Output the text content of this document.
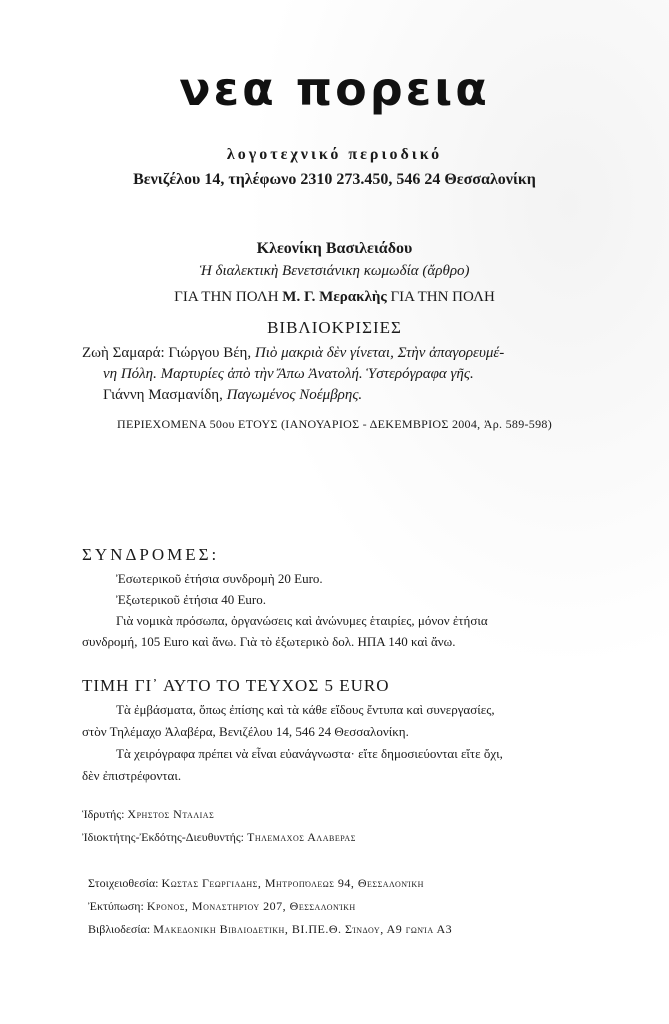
νεα πορεια
λογοτεχνικό περιοδικό
Βενιζέλου 14, τηλέφωνο 2310 273.450, 546 24 Θεσσαλονίκη
Κλεονίκη Βασιλειάδου
Ἡ διαλεκτικὴ Βενετσιάνικη κωμωδία (ἄρθρο)
ΓΙΑ ΤΗΝ ΠΟΛΗ Μ. Γ. Μερακλὴς ΓΙΑ ΤΗΝ ΠΟΛΗ
ΒΙΒΛΙΟΚΡΙΣΙΕΣ
Ζωὴ Σαμαρά: Γιώργου Βέη, Πιὸ μακριὰ δὲν γίνεται, Στὴν ἀπαγορευμέ-
νη Πόλη. Μαρτυρίες ἀπὸ τὴν Ἄπω Ἀνατολή. Ὑστερόγραφα γῆς.
Γιάννη Μασμανίδη, Παγωμένος Νοέμβρης.
ΠΕΡΙΕΧΟΜΕΝΑ 50ου ΕΤΟΥΣ (ΙΑΝΟΥΑΡΙΟΣ - ΔΕΚΕΜΒΡΙΟΣ 2004, Ἀρ. 589-598)
ΣΥΝΔΡΟΜΕΣ:
Ἐσωτερικοῦ ἐτήσια συνδρομὴ 20 Euro.
Ἐξωτερικοῦ ἐτήσια 40 Euro.
Γιὰ νομικὰ πρόσωπα, ὀργανώσεις καὶ ἀνώνυμες ἑταιρίες, μόνον ἐτήσια
συνδρομή, 105 Euro καὶ ἄνω. Γιὰ τὸ ἐξωτερικὸ δολ. ΗΠΑ 140 καὶ ἄνω.
ΤΙΜΗ ΓΙ᾿ ΑΥΤΟ ΤΟ ΤΕΥΧΟΣ 5 EURO
Τὰ ἐμβάσματα, ὅπως ἐπίσης καὶ τὰ κάθε εἴδους ἔντυπα καὶ συνεργασίες,
στὸν Τηλέμαχο Ἀλαβέρα, Βενιζέλου 14, 546 24 Θεσσαλονίκη.
Τὰ χειρόγραφα πρέπει νὰ εἶναι εὐανάγνωστα· εἴτε δημοσιεύονται εἴτε ὄχι,
δὲν ἐπιστρέφονται.
Ἱδρυτής: Χρηστος Νταλιας
Ἰδιοκτήτης-Ἐκδότης-Διευθυντής: Τηλεμαχος Αλαβερας
Στοιχειοθεσία: Κωστας Γεωργιαδης, Μητροπόλεως 94, Θεσσαλονίκη
Ἐκτύπωση: Κρονος, Μοναστηρίου 207, Θεσσαλονίκη
Βιβλιοδεσία: Μακεδονικη Βιβλιοδετικη, ΒΙ.ΠΕ.Θ. Σίνδου, Α9 γωνία Α3
